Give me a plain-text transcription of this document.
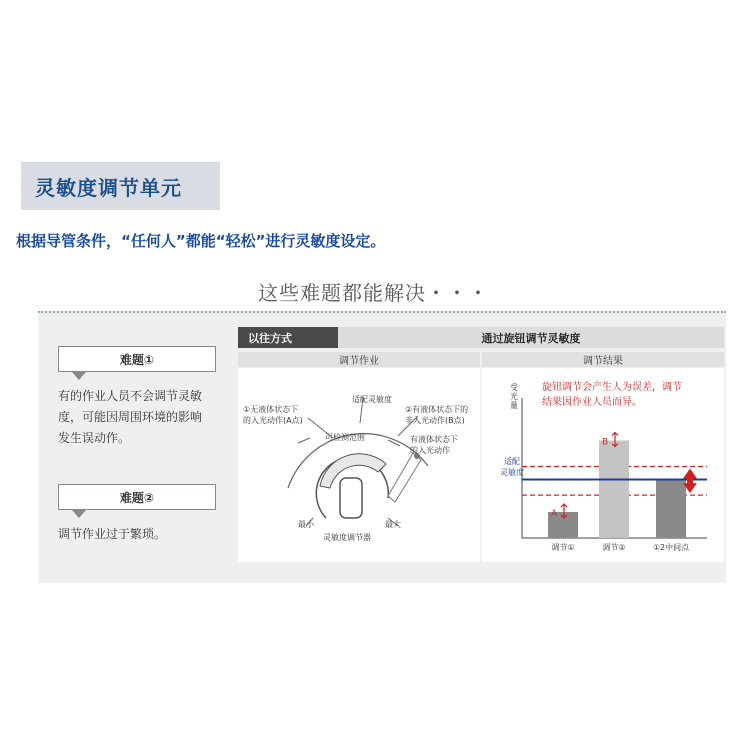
灵敏度调节单元
根据导管条件，“任何人”都能“轻松”进行灵敏度设定。
这些难题都能解决・・・
难题①
有的作业人员不会调节灵敏
度，可能因周围环境的影响
发生误动作。
难题②
调节作业过于繁琐。
以往方式	通过旋钮调节灵敏度
调节作业	调节结果
①无液体状态下
的入光动作(A点)
适配灵敏度
②有液体状态下的
非入光动作(B点)
可检测范围	有液体状态下
的入光动作
最小	最大
灵敏度调节器
旋钮调节会产生人为误差，调节
结果因作业人员而异。
受光量
适配
灵敏度
调节①	调节②	①2中间点
A
B
